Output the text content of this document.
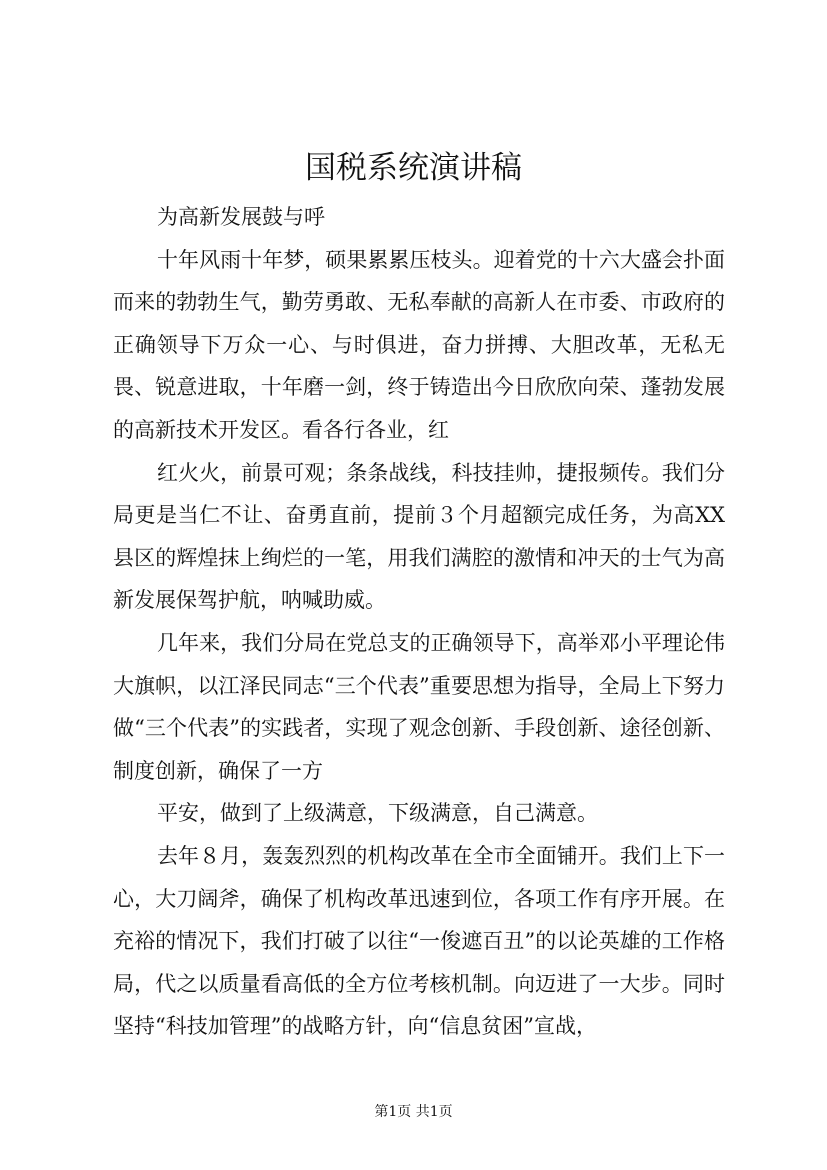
国税系统演讲稿

为高新发展鼓与呼

十年风雨十年梦，硕果累累压枝头。迎着党的十六大盛会扑面而来的勃勃生气，勤劳勇敢、无私奉献的高新人在市委、市政府的正确领导下万众一心、与时俱进，奋力拼搏、大胆改革，无私无畏、锐意进取，十年磨一剑，终于铸造出今日欣欣向荣、蓬勃发展的高新技术开发区。看各行各业，红

红火火，前景可观；条条战线，科技挂帅，捷报频传。我们分局更是当仁不让、奋勇直前，提前３个月超额完成任务，为高XX县区的辉煌抹上绚烂的一笔，用我们满腔的激情和冲天的士气为高新发展保驾护航，呐喊助威。

几年来，我们分局在党总支的正确领导下，高举邓小平理论伟大旗帜，以江泽民同志“三个代表”重要思想为指导，全局上下努力做“三个代表”的实践者，实现了观念创新、手段创新、途径创新、制度创新，确保了一方

平安，做到了上级满意，下级满意，自己满意。

去年８月，轰轰烈烈的机构改革在全市全面铺开。我们上下一心，大刀阔斧，确保了机构改革迅速到位，各项工作有序开展。在充裕的情况下，我们打破了以往“一俊遮百丑”的以论英雄的工作格局，代之以质量看高低的全方位考核机制。向迈进了一大步。同时坚持“科技加管理”的战略方针，向“信息贫困”宣战，

第1页 共1页
